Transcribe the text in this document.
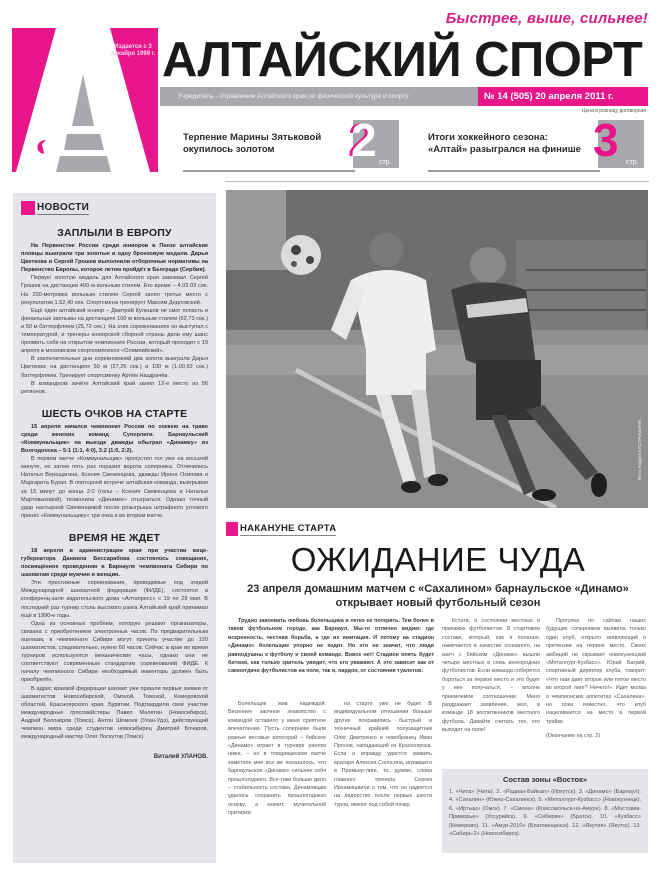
Издается с 3 декабря 1999 г.
Быстрее, выше, сильнее!
АЛТАЙСКИЙ СПОРТ
Учредитель - Управление Алтайского края по физической культуре и спорту	№ 14 (505) 20 апреля 2011 г.
Цена в розницу договорная
Терпение Марины Зятьковой
окупилось золотом	2 стр.
Итоги хоккейного сезона:
«Алтай» разыгрался на финише 3 стр.
НОВОСТИ
ЗАПЛЫЛИ В ЕВРОПУ

На Первенстве России среди юниоров в Пензе алтайские пловцы выиграли три золотые и одну бронзовую медали. Дарья Цветкова и Сергей Грошев выполнили отборочные нормативы на Первенство Европы, которое летом пройдёт в Белграде (Сербия).

Первую золотую медаль для Алтайского края завоевал Сергей Грошев на дистанции 400 м вольным стилем. Его время – 4.03.03 сек. На 200-метровке вольным стилем Сергей занял третье место с результатом 1.52,40 сек. Спортсмена тренирует Максим Дедловский.

Ещё один алтайский юниор – Дмитрий Кулешов не смог попасть в финальные заплывы на дистанциях 100 м вольным стилем (52,73 сек.) и 50 м баттерфляем (25,72 сек.). На этих соревнованиях он выступал с температурой, и тренеры юниорской сборной страны дали ему шанс проявить себя на открытом чемпионате России, который проходит с 19 апреля в московском спорткомплексе «Олимпийский».

В заключительные дни соревнований два золота выиграла Дарья Цветкова: на дистанциях 50 м (27,26 сек.) и 100 м (1.00,92 сек.) баттерфляем. Тренирует спортсменку Артём Наздрачёв.

В командном зачёте Алтайский край занял 12-е место из 56 регионов.

ШЕСТЬ ОЧКОВ НА СТАРТЕ

15 апреля начался чемпионат России по хоккею на траве среди женских команд Суперлиги. Барнаульский «Коммунальщик» на выезде дважды обыграл «Динамку» из Волгодонска – 5:1 (1:1, 4:0), 3:2 (1:0, 2:2).

В первом матче «Коммунальщик» пропустил гол уже на восьмой минуте, но затем пять раз поразил ворота соперника. Отличились Наталья Верещагина, Ксения Свеженцева, дважды Ирина Осипова и Маргарита Бурая. В повторной встрече алтайская команда, выигрывая за 15 минут до конца 2:0 (голы – Ксения Свеженцева и Натальи Мартовыковой), позволила «Динамке» отыграться. Однако точный удар настырной Свеженцевой после розыгрыша штрафного углового принёс «Коммунальщику» три очка и во втором матче.

ВРЕМЯ НЕ ЖДЕТ

18 апреля в администрации края при участии вице-губернатора Даниила Бессарабова состоялось совещание, посвящённое проведению в Барнауле чемпионата Сибири по шахматам среди мужчин и женщин.

Эти престижные соревнования, проводимые под эгидой Международной шахматной федерации (ФИДЕ), состоятся в конференц-зале издательского дома «Алтапресс» с 19 по 29 мая. В последний раз турнир столь высокого ранга Алтайский край принимал ещё в 1990-е годы.

Одна из основных проблем, которую решают организаторы, связана с приобретением электронных часов. По предварительным оценкам, в чемпионате Сибири могут принять участие до 120 шахматистов, следовательно, нужно 60 часов. Сейчас в крае во время турниров используются механические часы, однако они не соответствуют современным стандартам соревнований ФИДЕ. К началу чемпионата Сибири необходимый инвентарь должен быть приобретён.

В адрес краевой федерации шахмат уже пришли первые заявки от шахматистов Новосибирской, Омской, Томской, Кемеровской областей, Красноярского края, Бурятии. Подтвердили своё участие международные гроссмейстеры Павел Малетин (Новосибирск), Андрей Белозёров (Томск), Антон Шомоев (Улан-Удэ), действующий чемпион мира среди студентов новосибирец Дмитрий Бочаров, международный мастер Олег Лоскутов (Томск).

Виталий УЛАНОВ.

Фото Андрея КАСПРИШИНА
НАКАНУНЕ СТАРТА
ОЖИДАНИЕ ЧУДА
23 апреля домашним матчем с «Сахалином» барнаульское «Динамо»
открывает новый футбольный сезон

Трудно завоевать любовь болельщика и легко ее потерять. Тем более в таком футбольном городе, как Барнаул. Мы-то отлично видим: где искренность, честная борьба, а где их имитация. И потому на стадион «Динамо» болельщик упорно не ходит. Но это не значит, что люди равнодушны к футболу и своей команде. Вовсе нет! Стадион опять будет битком, как только зритель увидит, что его уважают. А это зависит как от самоотдачи футболистов на поле, так и, пардон, от состояния туалетов.

Болельщик жив надеждой. Весеннее заочное знакомство с командой оставило у меня приятное впечатление. Пусть соперники были разных весовых категорий – бийское «Динамо» играет в турнире рангом ниже, – но в товарищеском матче заметное мне все же показалось, что барнаульское «Динамо» сильнее себя прошлогоднего. Все-таки больше дело – стабильность состава. Динамовцам удалось сохранить прошлогоднюю основу, а значит, мучительной притирки

на старте уже не будет. В индивидуальном отношении больше других понравились быстрый и техничный крайний полузащитник Олег Дмитренко и новобранец Иван Пронов, нападающий из Красноярска. Если и вправду удастся заявить вратаря Алексея Солосина, игравшего в Премьер-лиге, то, думаю, слова главного тренера Сергея Ирхамишвили о том, что он надеется на лидерство после первых шести туров, имеют под собой почву.

Кстати, о состоянии местных и приезжих футболистов. В стартовом составе, который, как я полагаю, намечается в качестве основного, на матч с бийским «Динамо» вышли четыре местных и семь иногородних футболистов. Если команда соберется бороться за первое место и это будет у нее получаться, – вполне приемлемое соотношение. Меня раздражает заявление, мол, в команде 18 воспитанников местного футбола. Давайте считать тех, кто выходит на поле!

Прогулка по сайтам наших будущих соперников выявила только один клуб, открыто заявляющий о претензии на первое место. Своих амбиций не скрывает новокузнецкий «Металлург-Кузбасс». Юрий Багрий, спортивный директор клуба, говорит: «Что нам дает второе или пятое место во второй лиге? Ничего!». Идет молва о чемпионских аппетитах «Сахалина», но пока известно, что клуб нацеливается на место в первой тройке.

(Окончание на стр. 2)

Состав зоны «Восток»

1. «Чита» (Чита). 2. «Радиан-Байкал» (Иркутск). 3. «Динамо» (Барнаул). 4. «Сахалин» (Южно-Сахалинск). 5. «Металлург-Кузбасс» (Новокузнецк). 6. «Иртыш» (Омск). 7. «Смена» (Комсомольск-на-Амуре). 8. «Мостовик-Приморье» (Уссурийск). 9. «Сибирян» (Братск). 10. «Кузбасс» (Кемерово). 11. «Амур-2010» (Благовещенск). 12. «Якутия» (Якутск). 13. «Сибирь-2» (Новосибирск).
